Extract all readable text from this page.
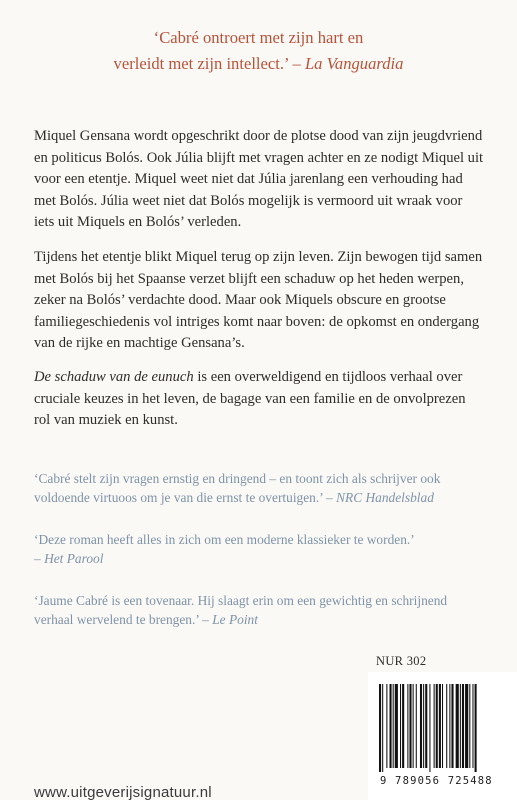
‘Cabré ontroert met zijn hart en
verleidt met zijn intellect.’ – La Vanguardia

Miquel Gensana wordt opgeschrikt door de plotse dood van zijn jeugdvriend
en politicus Bolós. Ook Júlia blijft met vragen achter en ze nodigt Miquel uit
voor een etentje. Miquel weet niet dat Júlia jarenlang een verhouding had
met Bolós. Júlia weet niet dat Bolós mogelijk is vermoord uit wraak voor
iets uit Miquels en Bolós’ verleden.

Tijdens het etentje blikt Miquel terug op zijn leven. Zijn bewogen tijd samen
met Bolós bij het Spaanse verzet blijft een schaduw op het heden werpen,
zeker na Bolós’ verdachte dood. Maar ook Miquels obscure en grootse
familiegeschiedenis vol intriges komt naar boven: de opkomst en ondergang
van de rijke en machtige Gensana’s.

De schaduw van de eunuch is een overweldigend en tijdloos verhaal over
cruciale keuzes in het leven, de bagage van een familie en de onvolprezen
rol van muziek en kunst.

‘Cabré stelt zijn vragen ernstig en dringend – en toont zich als schrijver ook
voldoende virtuoos om je van die ernst te overtuigen.’ – NRC Handelsblad

‘Deze roman heeft alles in zich om een moderne klassieker te worden.’
– Het Parool

‘Jaume Cabré is een tovenaar. Hij slaagt erin om een gewichtig en schrijnend
verhaal wervelend te brengen.’ – Le Point

NUR 302
9 789056 725488
www.uitgeverijsignatuur.nl
